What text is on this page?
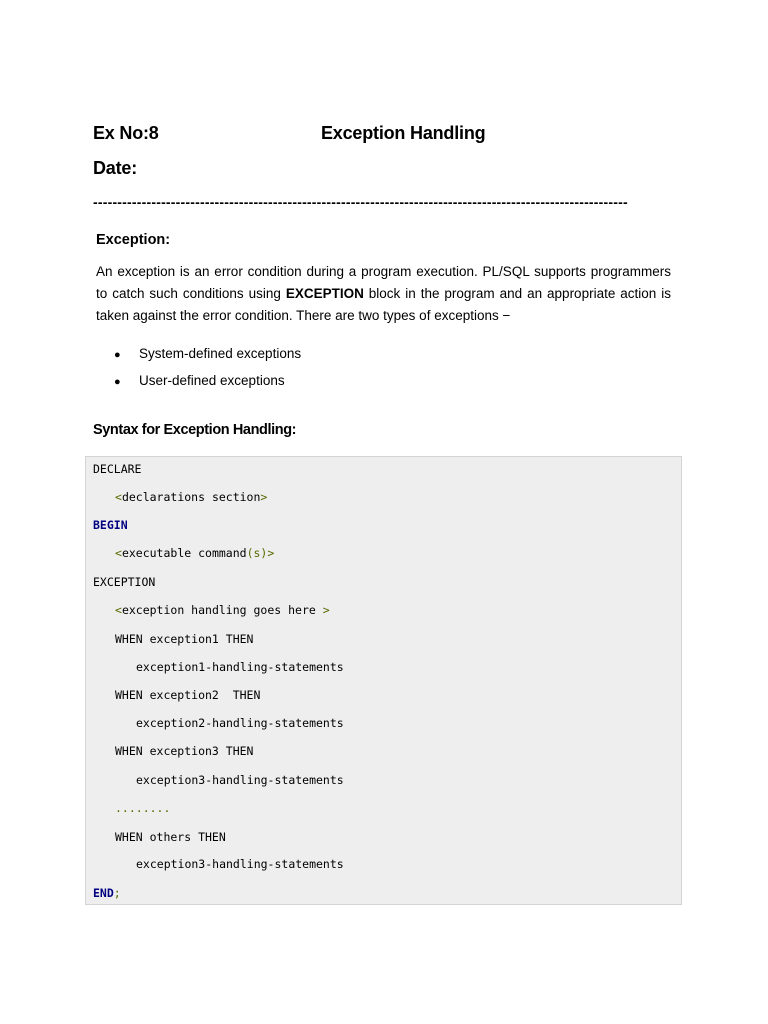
Ex No:8	Exception Handling
Date:
--------------------------------------------------------------------------------------------------------------
Exception:
An exception is an error condition during a program execution. PL/SQL supports programmers to catch such conditions using EXCEPTION block in the program and an appropriate action is taken against the error condition. There are two types of exceptions −
● System-defined exceptions
● User-defined exceptions
Syntax for Exception Handling:
DECLARE
<declarations section>
BEGIN
<executable command(s)>
EXCEPTION
<exception handling goes here >
WHEN exception1 THEN
exception1-handling-statements
WHEN exception2  THEN
exception2-handling-statements
WHEN exception3 THEN
exception3-handling-statements
........
WHEN others THEN
exception3-handling-statements
END;
